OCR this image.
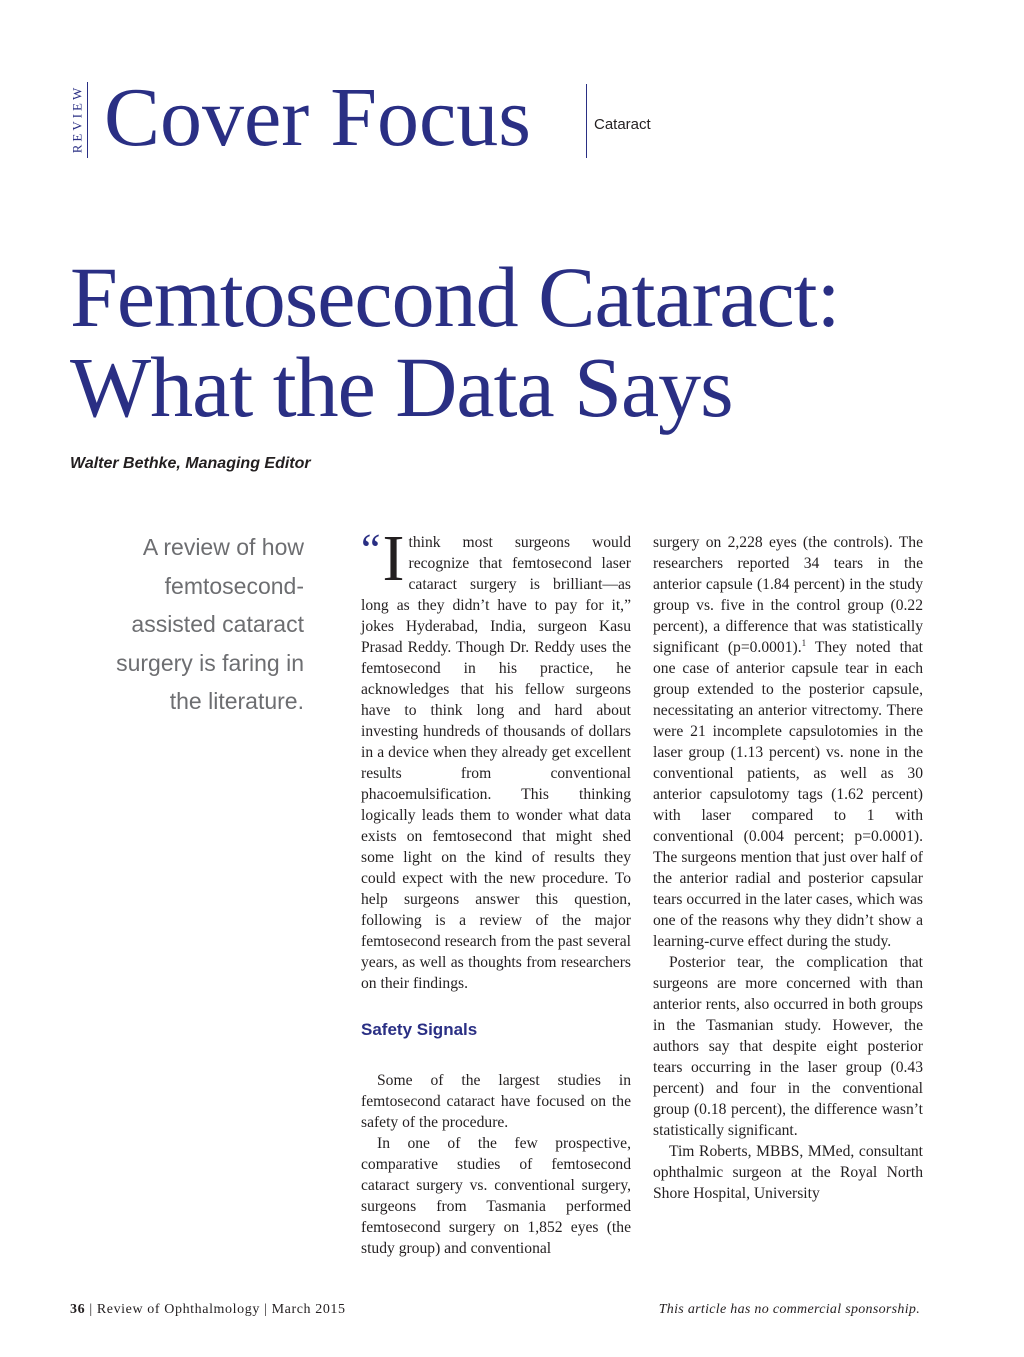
REVIEW Cover Focus	Cataract
Femtosecond Cataract:
What the Data Says
Walter Bethke, Managing Editor
A review of how femtosecond-assisted cataract surgery is faring in the literature.

“ I think most surgeons would recognize that femtosecond laser cataract surgery is brilliant—as long as they didn’t have to pay for it,” jokes Hyderabad, India, surgeon Kasu Prasad Reddy. Though Dr. Reddy uses the femtosecond in his practice, he acknowledges that his fellow surgeons have to think long and hard about investing hundreds of thousands of dollars in a device when they already get excellent results from conventional phacoemulsification. This thinking logically leads them to wonder what data exists on femtosecond that might shed some light on the kind of results they could expect with the new procedure. To help surgeons answer this question, following is a review of the major femtosecond research from the past several years, as well as thoughts from researchers on their findings.

Safety Signals

Some of the largest studies in femtosecond cataract have focused on the safety of the procedure.

In one of the few prospective, comparative studies of femtosecond cataract surgery vs. conventional surgery, surgeons from Tasmania performed femtosecond surgery on 1,852 eyes (the study group) and conventional

surgery on 2,228 eyes (the controls). The researchers reported 34 tears in the anterior capsule (1.84 percent) in the study group vs. five in the control group (0.22 percent), a difference that was statistically significant (p=0.0001).$^1$ They noted that one case of anterior capsule tear in each group extended to the posterior capsule, necessitating an anterior vitrectomy. There were 21 incomplete capsulotomies in the laser group (1.13 percent) vs. none in the conventional patients, as well as 30 anterior capsulotomy tags (1.62 percent) with laser compared to 1 with conventional (0.004 percent; p=0.0001). The surgeons mention that just over half of the anterior radial and posterior capsular tears occurred in the later cases, which was one of the reasons why they didn’t show a learning-curve effect during the study.

Posterior tear, the complication that surgeons are more concerned with than anterior rents, also occurred in both groups in the Tasmanian study. However, the authors say that despite eight posterior tears occurring in the laser group (0.43 percent) and four in the conventional group (0.18 percent), the difference wasn’t statistically significant.

Tim Roberts, MBBS, MMed, consultant ophthalmic surgeon at the Royal North Shore Hospital, University

36 | Review of Ophthalmology | March 2015	This article has no commercial sponsorship.
